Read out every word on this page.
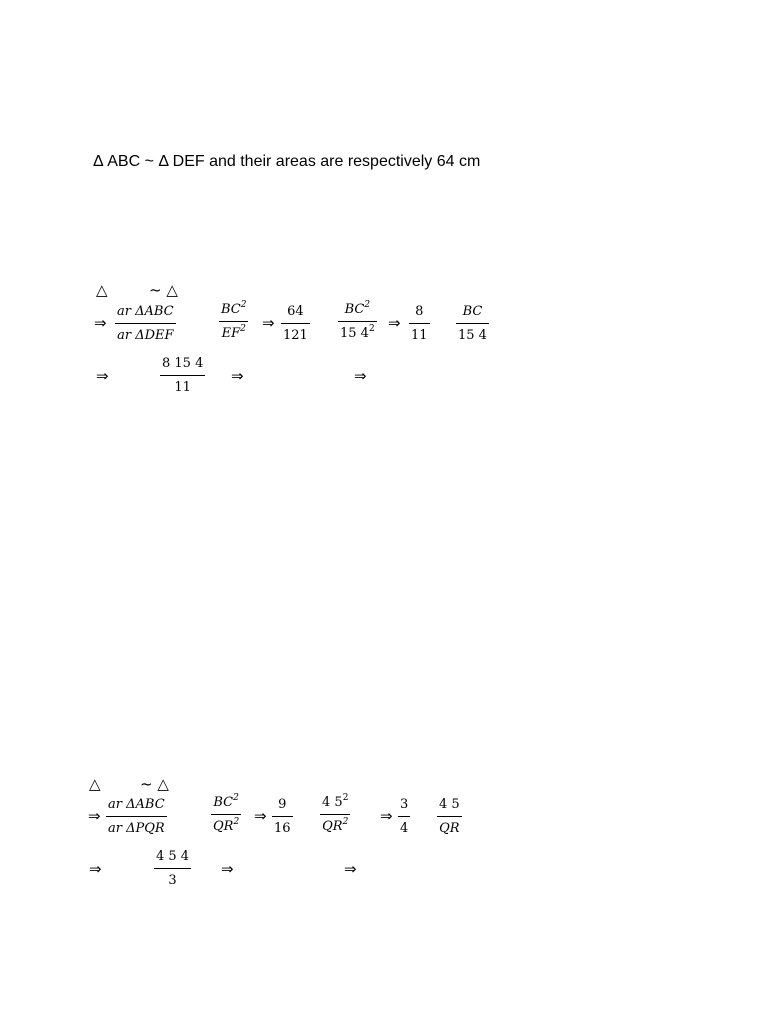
Δ ABC ~ Δ DEF and their areas are respectively 64 cm
△	~ △
⇒
ar ΔABC
ar ΔDEF
$BC^2$
$EF^2$ ⇒
64
121
$BC^2$
15 $4^2$ ⇒
8
11
BC
15 4
⇒
8 15 4
11
⇒	⇒
△	~ △
⇒
ar ΔABC
ar ΔPQR
$BC^2$
$QR^2$ ⇒
9
16
4 $5^2$
$QR^2$ ⇒
3
4
4 5
QR
⇒
4 5 4
3
⇒	⇒
